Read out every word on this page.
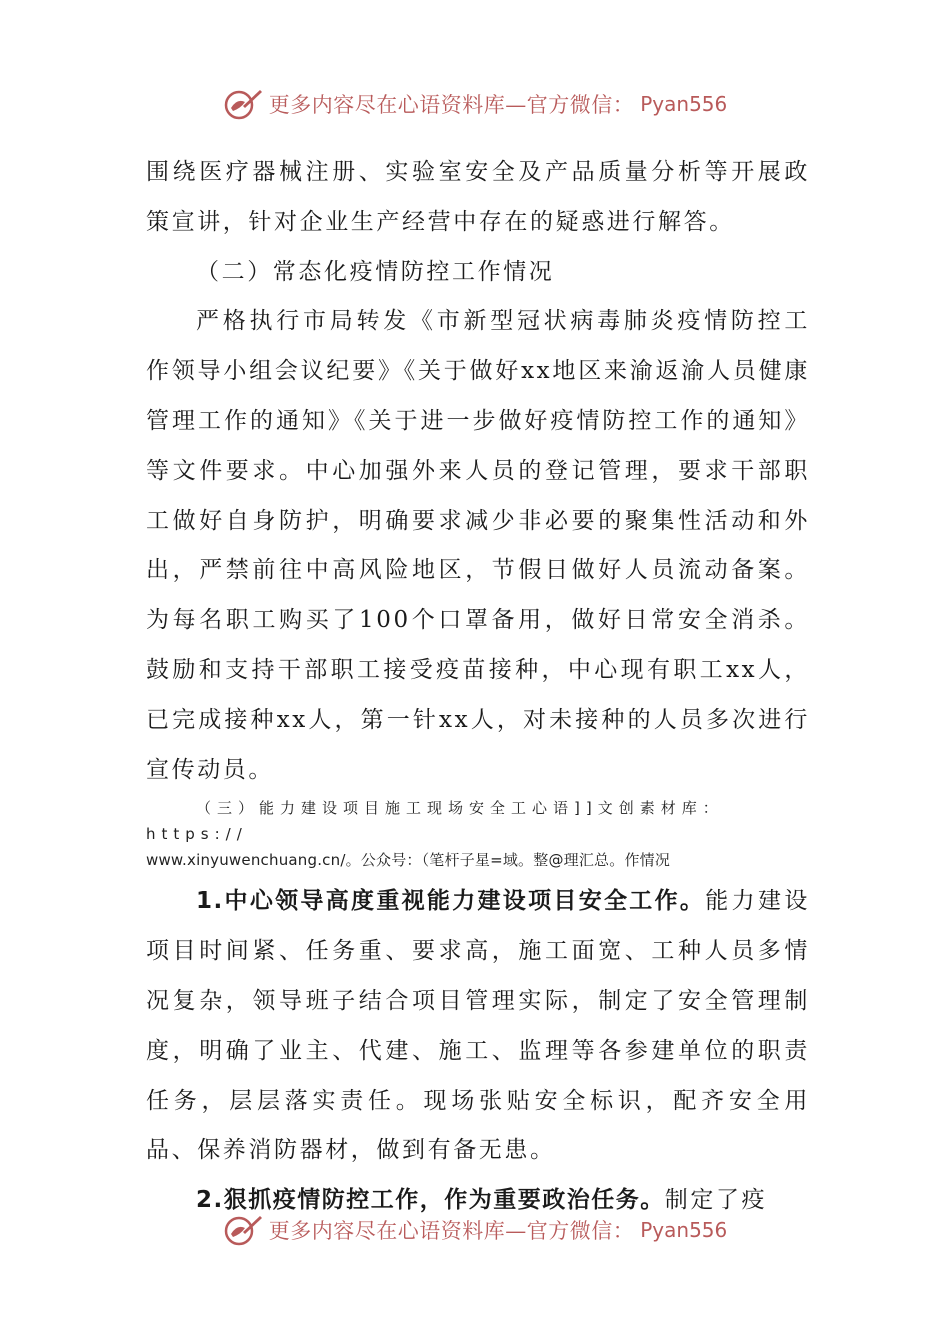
更多内容尽在心语资料库—官方微信： Pyan556

围绕医疗器械注册、实验室安全及产品质量分析等开展政策宣讲，针对企业生产经营中存在的疑惑进行解答。

（二）常态化疫情防控工作情况

严格执行市局转发《市新型冠状病毒肺炎疫情防控工作领导小组会议纪要》《关于做好xx地区来渝返渝人员健康管理工作的通知》《关于进一步做好疫情防控工作的通知》等文件要求。中心加强外来人员的登记管理，要求干部职工做好自身防护，明确要求减少非必要的聚集性活动和外出，严禁前往中高风险地区，节假日做好人员流动备案。为每名职工购买了100个口罩备用，做好日常安全消杀。鼓励和支持干部职工接受疫苗接种，中心现有职工xx人，已完成接种xx人，第一针xx人，对未接种的人员多次进行宣传动员。

（三）能力建设项目施工现场安全工心语]]文创素材库：https://

www.xinyuwenchuang.cn/。公众号：（笔杆子星=域。整@理汇总。作情况

1.中心领导高度重视能力建设项目安全工作。能力建设项目时间紧、任务重、要求高，施工面宽、工种人员多情况复杂，领导班子结合项目管理实际，制定了安全管理制度，明确了业主、代建、施工、监理等各参建单位的职责任务，层层落实责任。现场张贴安全标识，配齐安全用品、保养消防器材，做到有备无患。

2.狠抓疫情防控工作，作为重要政治任务。制定了疫

更多内容尽在心语资料库—官方微信： Pyan556
